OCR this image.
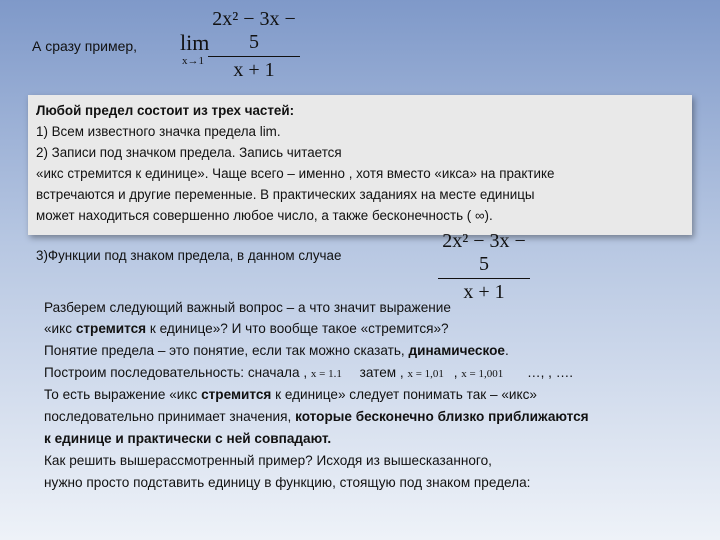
А сразу пример, lim
x→1
2x² − 3x − 5
x + 1
Любой предел состоит из трех частей:
1) Всем известного значка предела lim.
2) Записи под значком предела. Запись читается
«икс стремится к единице». Чаще всего – именно , хотя вместо «икса» на практике
встречаются и другие переменные. В практических заданиях на месте единицы
может находиться совершенно любое число, а также бесконечность ( ∞).
3)Функции под знаком предела, в данном случае
2x² − 3x − 5
x + 1
Разберем следующий важный вопрос – а что значит выражение
«икс стремится к единице»? И что вообще такое «стремится»?
Понятие предела – это понятие, если так можно сказать, динамическое.
Построим последовательность: сначала , x = 1.1 затем , x = 1,01 , x = 1,001 …, , ….
То есть выражение «икс стремится к единице» следует понимать так – «икс»
последовательно принимает значения, которые бесконечно близко приближаются
к единице и практически с ней совпадают.
Как решить вышерассмотренный пример? Исходя из вышесказанного,
нужно просто подставить единицу в функцию, стоящую под знаком предела:
